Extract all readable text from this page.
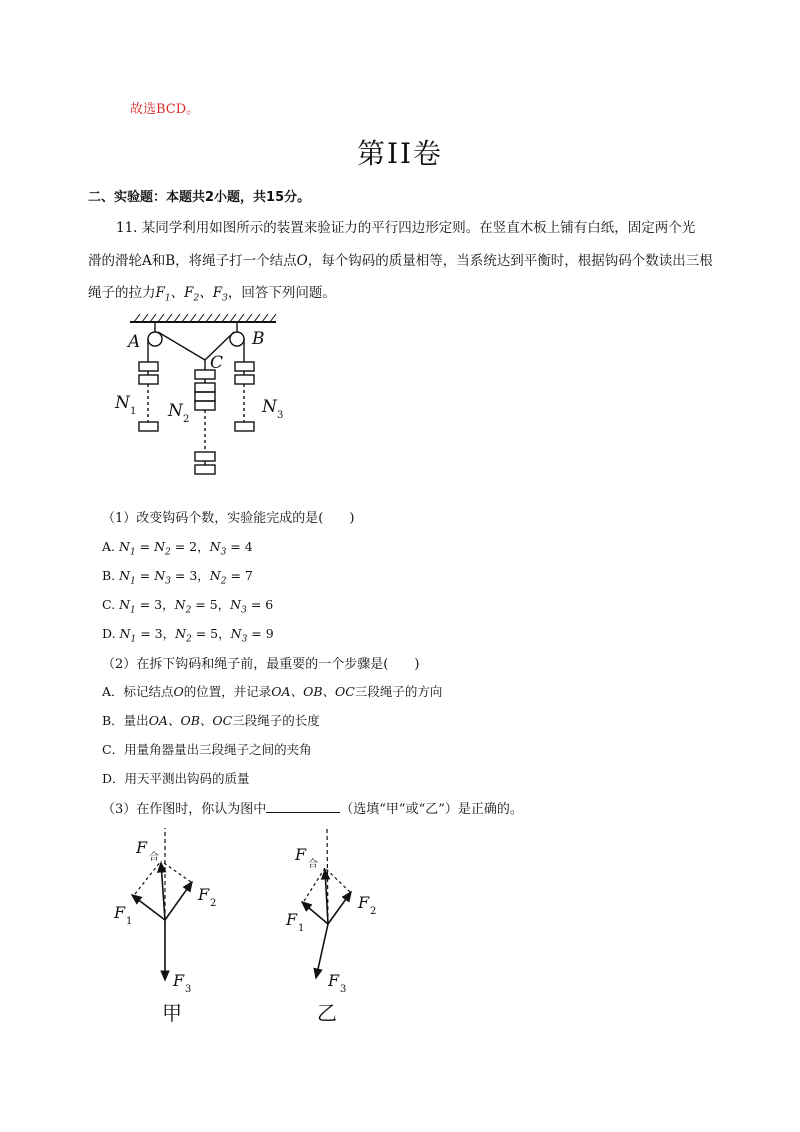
故选BCD。
第II卷
二、实验题：本题共2小题，共15分。
11. 某同学利用如图所示的装置来验证力的平行四边形定则。在竖直木板上铺有白纸，固定两个光
滑的滑轮A和B，将绳子打一个结点O，每个钩码的质量相等，当系统达到平衡时，根据钩码个数读出三根
绳子的拉力$F_1$、$F_2$、$F_3$，回答下列问题。
A	B
C
N 1 N 2
N 3
（1）改变钩码个数，实验能完成的是(　　)
A. $N_1 = N_2 = 2$，$N_3 = 4$
B. $N_1 = N_3 = 3$，$N_2 = 7$
C. $N_1 = 3$，$N_2 = 5$，$N_3 = 6$
D. $N_1 = 3$，$N_2 = 5$，$N_3 = 9$
（2）在拆下钩码和绳子前，最重要的一个步骤是(　　)
A．标记结点O的位置，并记录OA、OB、OC三段绳子的方向
B．量出OA、OB、OC三段绳子的长度
C．用量角器量出三段绳子之间的夹角
D．用天平测出钩码的质量
（3）在作图时，你认为图中	（选填“甲”或“乙”）是正确的。
F
合
F 1
F 2
F 3
甲
F
合
F 1
F 2
F 3
乙
